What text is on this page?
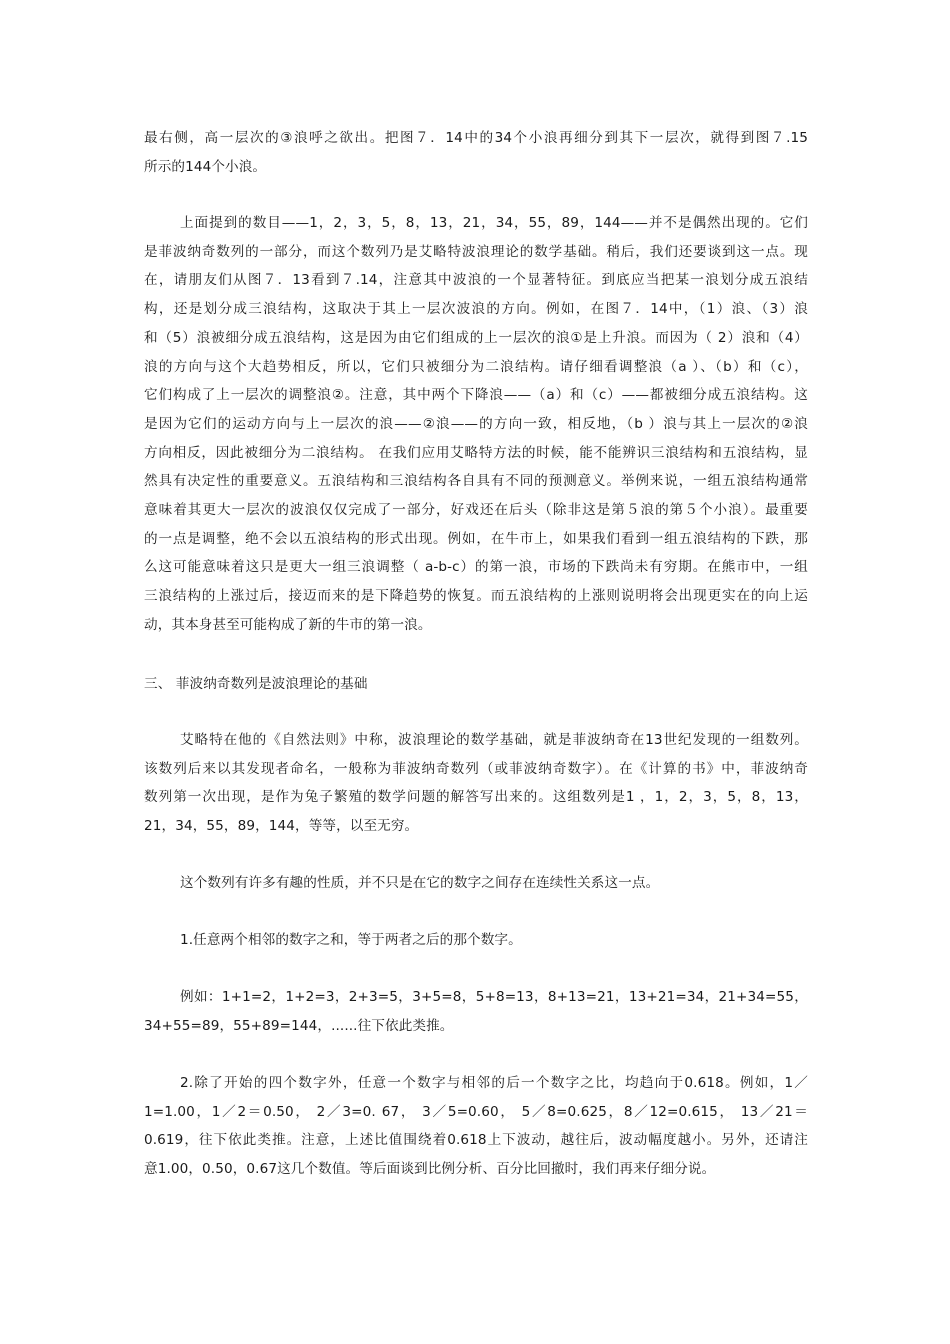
最右侧，高一层次的③浪呼之欲出。把图７．14中的34个小浪再细分到其下一层次，就得到图７.15
所示的144个小浪。
上面提到的数目——1，2，3，5，8，13，21，34，55，89，144——并不是偶然出现的。它们
是菲波纳奇数列的一部分，而这个数列乃是艾略特波浪理论的数学基础。稍后，我们还要谈到这一点。现
在，请朋友们从图７．13看到７.14，注意其中波浪的一个显著特征。到底应当把某一浪划分成五浪结
构，还是划分成三浪结构，这取决于其上一层次波浪的方向。例如，在图７．14中，（1）浪、（3）浪
和（5）浪被细分成五浪结构，这是因为由它们组成的上一层次的浪①是上升浪。而因为（ 2）浪和（4）
浪的方向与这个大趋势相反，所以，它们只被细分为二浪结构。请仔细看调整浪（a ）、（b）和（c），
它们构成了上一层次的调整浪②。注意，其中两个下降浪——（a）和（c）——都被细分成五浪结构。这
是因为它们的运动方向与上一层次的浪——②浪——的方向一致，相反地，（b ）浪与其上一层次的②浪
方向相反，因此被细分为二浪结构。 在我们应用艾略特方法的时候，能不能辨识三浪结构和五浪结构，显
然具有决定性的重要意义。五浪结构和三浪结构各自具有不同的预测意义。举例来说，一组五浪结构通常
意味着其更大一层次的波浪仅仅完成了一部分，好戏还在后头（除非这是第５浪的第５个小浪）。最重要
的一点是调整，绝不会以五浪结构的形式出现。例如，在牛市上，如果我们看到一组五浪结构的下跌，那
么这可能意味着这只是更大一组三浪调整（ a-b-c）的第一浪，市场的下跌尚未有穷期。在熊市中，一组
三浪结构的上涨过后，接迈而来的是下降趋势的恢复。而五浪结构的上涨则说明将会出现更实在的向上运
动，其本身甚至可能构成了新的牛市的第一浪。
三、 菲波纳奇数列是波浪理论的基础
艾略特在他的《自然法则》中称，波浪理论的数学基础，就是菲波纳奇在13世纪发现的一组数列。
该数列后来以其发现者命名，一般称为菲波纳奇数列（或菲波纳奇数字）。在《计算的书》中，菲波纳奇
数列第一次出现，是作为兔子繁殖的数学问题的解答写出来的。这组数列是1 ，1，2，3，5，8，13，
21，34，55，89，144，等等，以至无穷。
这个数列有许多有趣的性质，并不只是在它的数字之间存在连续性关系这一点。
1.任意两个相邻的数字之和，等于两者之后的那个数字。
例如：1+1=2，1+2=3，2+3=5，3+5=8，5+8=13，8+13=21，13+21=34，21+34=55，
34+55=89，55+89=144，......往下依此类推。
2.除了开始的四个数字外，任意一个数字与相邻的后一个数字之比，均趋向于0.618。例如，1／
1=1.00，1／2＝0.50， 2／3=0. 67， 3／5=0.60， 5／8=0.625，8／12=0.615， 13／21＝
0.619，往下依此类推。注意，上述比值围绕着0.618上下波动，越往后，波动幅度越小。另外，还请注
意1.00，0.50，0.67这几个数值。等后面谈到比例分析、百分比回撤时，我们再来仔细分说。
